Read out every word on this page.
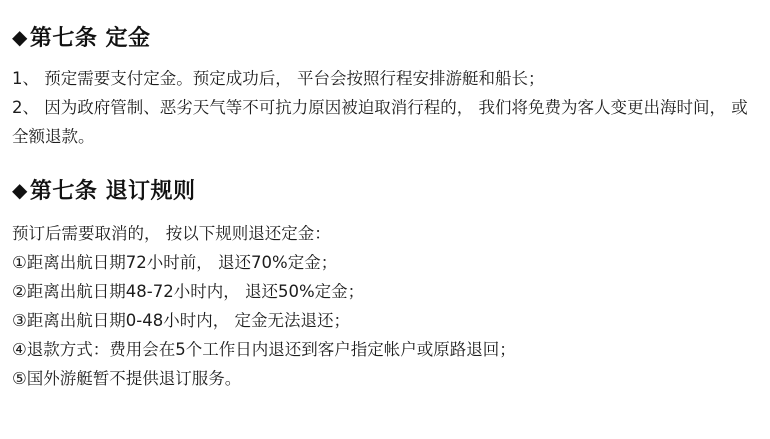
◆ 第七条 定金

1、 预定需要支付定金。预定成功后， 平台会按照行程安排游艇和船长；

2、 因为政府管制、恶劣天气等不可抗力原因被迫取消行程的， 我们将免费为客人变更出海时间， 或全额退款。

◆ 第七条 退订规则

预订后需要取消的， 按以下规则退还定金：

①距离出航日期72小时前， 退还70%定金；

②距离出航日期48-72小时内， 退还50%定金；

③距离出航日期0-48小时内， 定金无法退还；

④退款方式：费用会在5个工作日内退还到客户指定帐户或原路退回；

⑤国外游艇暂不提供退订服务。
